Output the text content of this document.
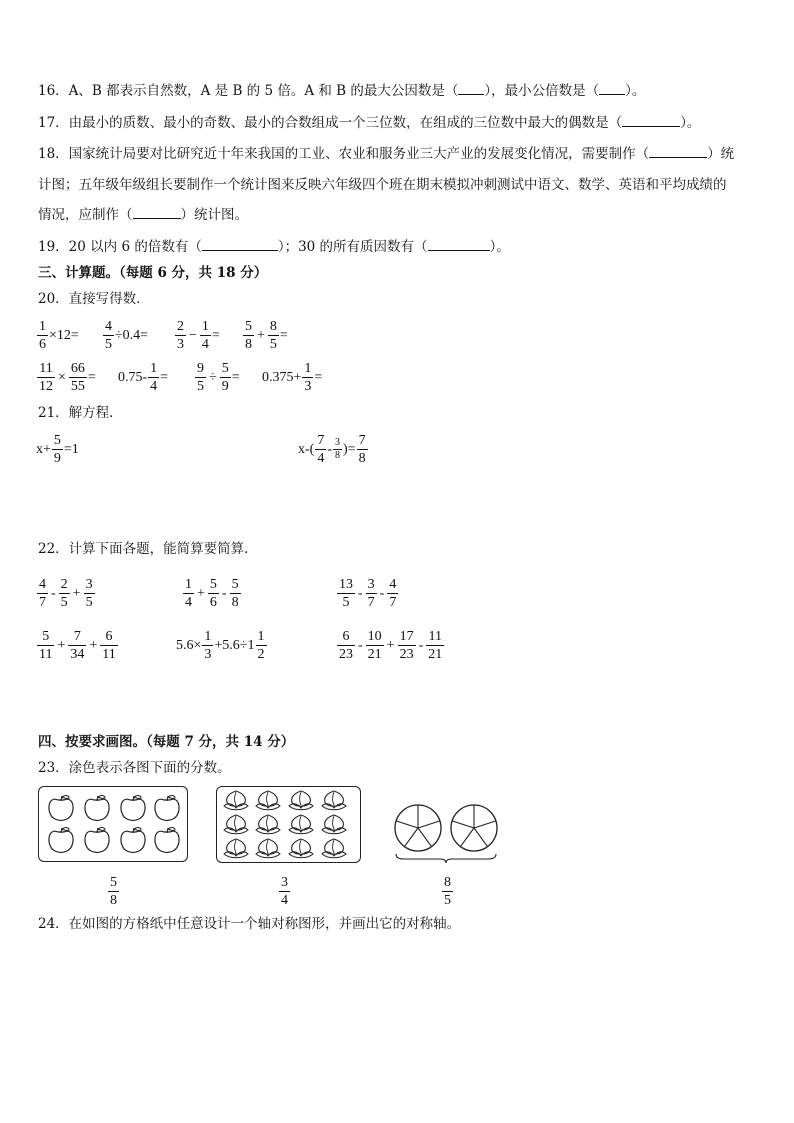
16．A、B 都表示自然数，A 是 B 的 5 倍。A 和 B 的最大公因数是（ ），最小公倍数是（ ）。
17．由最小的质数、最小的奇数、最小的合数组成一个三位数，在组成的三位数中最大的偶数是（	）。
18．国家统计局要对比研究近十年来我国的工业、农业和服务业三大产业的发展变化情况，需要制作（	）统
计图；五年级年级组长要制作一个统计图来反映六年级四个班在期末模拟冲刺测试中语文、数学、英语和平均成绩的
情况，应制作（	）统计图。
19．20 以内 6 的倍数有（	）；30 的所有质因数有（	）。
三、计算题。（每题 6 分，共 18 分）
20．直接写得数．
$\frac{1}{6} \times 12= \frac{4}{5} \div 0.4= \frac{2}{3} - \frac{1}{4} = \frac{5}{8} + \frac{8}{5}$ =
$\frac{11}{12} \times \frac{66}{55} = 0.75- \frac{1}{4} = \frac{9}{5} \div \frac{5}{9} = 0.375+ \frac{1}{3}$ =
21．解方程．
$x+ \frac{5}{9} =1$	$x-( \frac{7}{4} - \frac{3}{8}$ )= $\frac{7}{8}$
22．计算下面各题，能简算要简算．
$\frac{4}{7} - \frac{2}{5} + \frac{3}{5}$	$\frac{1}{4} + \frac{5}{6} - \frac{5}{8}$	$\frac{13}{5} - \frac{3}{7} - \frac{4}{7}$
$\frac{5}{11} + \frac{7}{34} + \frac{6}{11}$	$5.6\times \frac{1}{3} +5.6\div 1 \frac{1}{2}$	$\frac{6}{23} - \frac{10}{21} + \frac{17}{23} - \frac{11}{21}$
四、按要求画图。（每题 7 分，共 14 分）
23．涂色表示各图下面的分数。
$\frac{5}{8}$	$\frac{3}{4}$	$\frac{8}{5}$
24．在如图的方格纸中任意设计一个轴对称图形，并画出它的对称轴。
